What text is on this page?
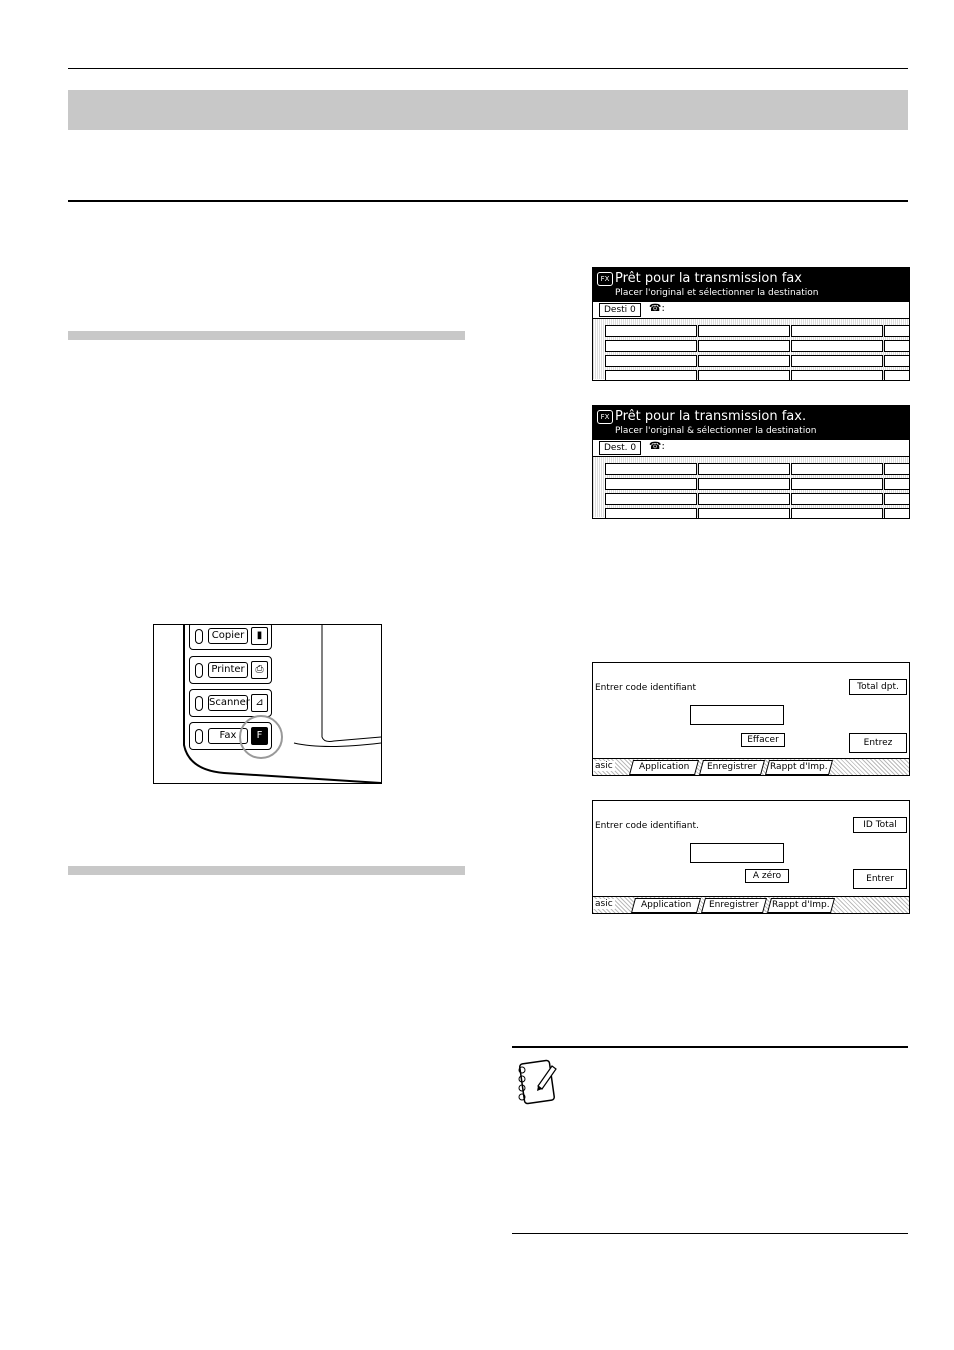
FX Prêt pour la transmission fax
Placer l'original et sélectionner la destination
Desti 0	☎:
FX Prêt pour la transmission fax.
Placer l'original & sélectionner la destination
Dest. 0	☎:
Copier	▮
Printer	⎙
Scanner ⊿
Fax	F
Entrer code identifiant	Total dpt.
Effacer	Entrez
asic	Application	Enregistrer	Rappt d'Imp.
Entrer code identifiant.	ID Total
A zéro	Entrer
asic	Application	Enregistrer	Rappt d'Imp.
